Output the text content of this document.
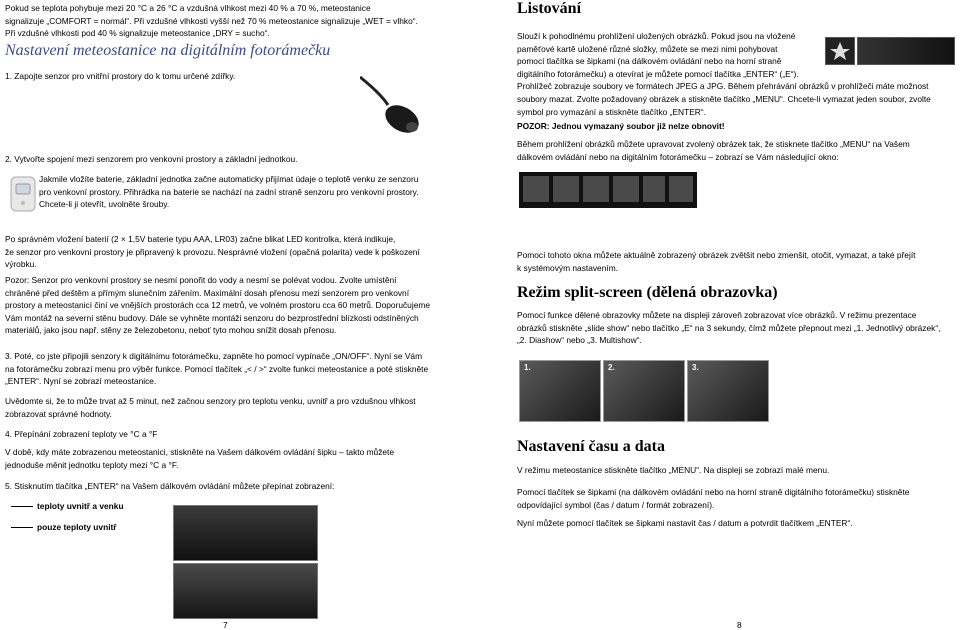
Pokud se teplota pohybuje mezi 20 °C a 26 °C a vzdušná vlhkost mezi 40 % a 70 %, meteostanice
signalizuje „COMFORT = normál“. Při vzdušné vlhkosti vyšší než 70 % meteostanice signalizuje „WET = vlhko“.
Při vzdušné vlhkosti pod 40 % signalizuje meteostanice „DRY = sucho“.

Nastavení meteostanice na digitálním fotorámečku

1. Zapojte senzor pro vnitřní prostory do k tomu určené zdířky.

2. Vytvořte spojení mezi senzorem pro venkovní prostory a základní jednotkou.

Jakmile vložíte baterie, základní jednotka začne automaticky přijímat údaje o teplotě venku ze senzoru
pro venkovní prostory. Přihrádka na baterie se nachází na zadní straně senzoru pro venkovní prostory.
Chcete-li ji otevřít, uvolněte šrouby.

Po správném vložení baterií (2 × 1,5V baterie typu AAA, LR03) začne blikat LED kontrolka, která indikuje,
že senzor pro venkovní prostory je připravený k provozu. Nesprávné vložení (opačná polarita) vede k poškození
výrobku.

Pozor: Senzor pro venkovní prostory se nesmí ponořit do vody a nesmí se polévat vodou. Zvolte umístění
chráněné před deštěm a přímým slunečním zářením. Maximální dosah přenosu mezi senzorem pro venkovní
prostory a meteostanicí činí ve vnějších prostorách cca 12 metrů, ve volném prostoru cca 60 metrů. Doporučujeme
Vám montáž na severní stěnu budovy. Dále se vyhněte montáži senzoru do bezprostřední blízkosti odstíněných
materiálů, jako jsou např. stěny ze železobetonu, neboť tyto mohou snížit dosah přenosu.

3. Poté, co jste připojili senzory k digitálnímu fotorámečku, zapněte ho pomocí vypínače „ON/OFF“. Nyní se Vám
na fotorámečku zobrazí menu pro výběr funkce. Pomocí tlačítek „< / >“ zvolte funkci meteostanice a poté stiskněte
„ENTER“. Nyní se zobrazí meteostanice.

Uvědomte si, že to může trvat až 5 minut, než začnou senzory pro teplotu venku, uvnitř a pro vzdušnou vlhkost
zobrazovat správné hodnoty.

4. Přepínání zobrazení teploty ve °C a °F

V době, kdy máte zobrazenou meteostanici, stiskněte na Vašem dálkovém ovládání šipku – takto můžete
jednoduše měnit jednotku teploty mezi °C a °F.

5. Stisknutím tlačítka „ENTER“ na Vašem dálkovém ovládání můžete přepínat zobrazení:

teploty uvnitř a venku

pouze teploty uvnitř

7
Listování

Slouží k pohodlnému prohlížení uložených obrázků. Pokud jsou na vložené
paměťové kartě uložené různé složky, můžete se mezi nimi pohybovat
pomocí tlačítka se šipkami (na dálkovém ovládání nebo na horní straně
digitálního fotorámečku) a otevírat je můžete pomocí tlačítka „ENTER“ („E“).
Prohlížeč zobrazuje soubory ve formátech JPEG a JPG. Během přehrávání obrázků v prohlížeči máte možnost
soubory mazat. Zvolte požadovaný obrázek a stiskněte tlačítko „MENU“. Chcete-li vymazat jeden soubor, zvolte
symbol pro vymazání a stiskněte tlačítko „ENTER“.

POZOR: Jednou vymazaný soubor již nelze obnovit!

Během prohlížení obrázků můžete upravovat zvolený obrázek tak, že stisknete tlačítko „MENU“ na Vašem
dálkovém ovládání nebo na digitálním fotorámečku – zobrazí se Vám následující okno:

Pomocí tohoto okna můžete aktuálně zobrazený obrázek zvětšit nebo zmenšit, otočit, vymazat, a také přejít
k systémovým nastavením.

Režim split-screen (dělená obrazovka)

Pomocí funkce dělené obrazovky můžete na displeji zároveň zobrazovat více obrázků. V režimu prezentace
obrázků stiskněte „slide show“ nebo tlačítko „E“ na 3 sekundy, čímž můžete přepnout mezi „1. Jednotlivý obrázek“,
„2. Diashow“ nebo „3. Multishow“.

1.	2.	3.
Nastavení času a data

V režimu meteostanice stiskněte tlačítko „MENU“. Na displeji se zobrazí malé menu.

Pomocí tlačítek se šipkami (na dálkovém ovládání nebo na horní straně digitálního fotorámečku) stiskněte
odpovídající symbol (čas / datum / formát zobrazení).

Nyní můžete pomocí tlačítek se šipkami nastavit čas / datum a potvrdit tlačítkem „ENTER“.

8
